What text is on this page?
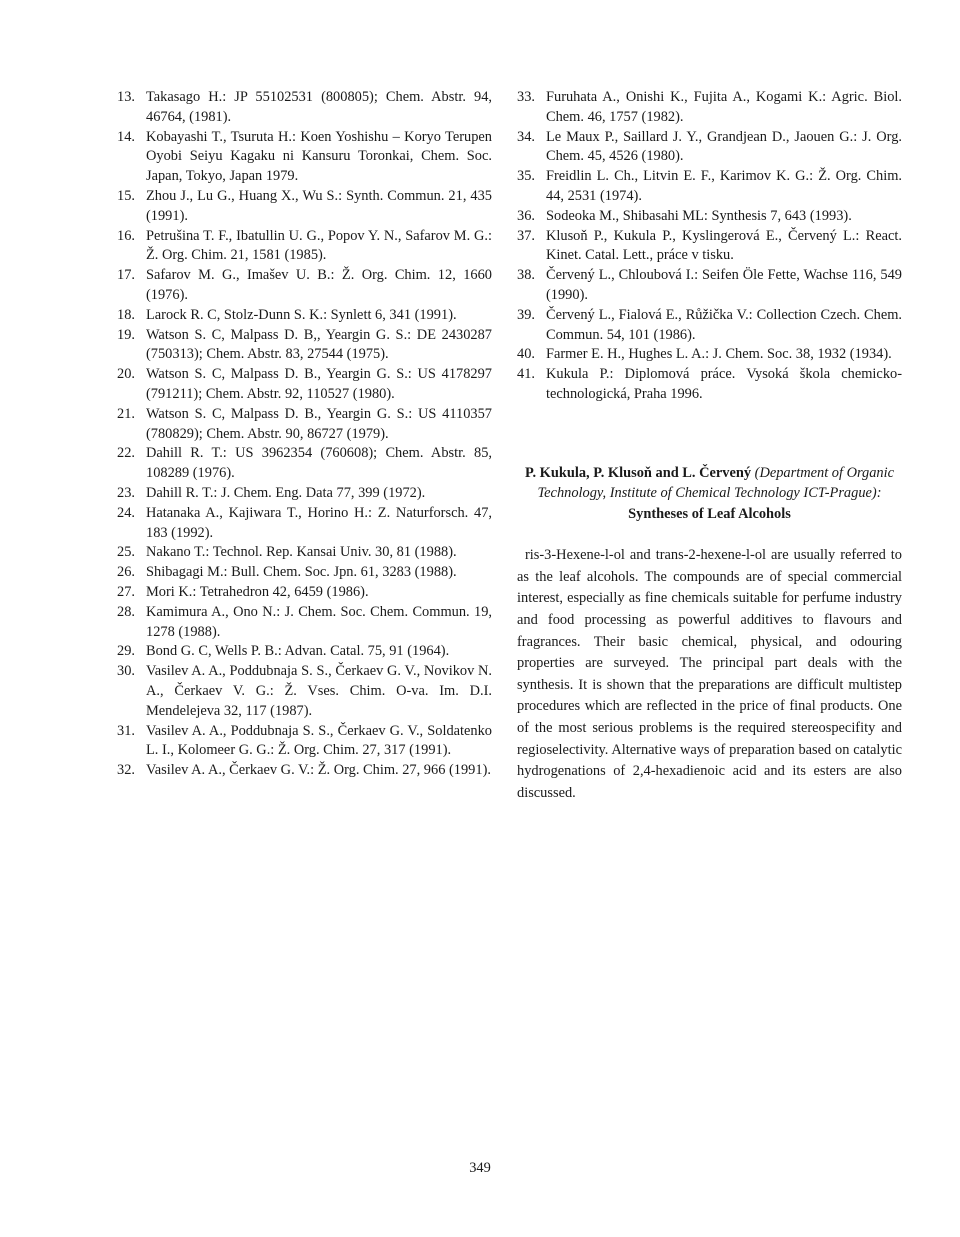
13. Takasago H.: JP 55102531 (800805); Chem. Abstr. 94, 46764, (1981).
14. Kobayashi T., Tsuruta H.: Koen Yoshishu – Koryo Terupen Oyobi Seiyu Kagaku ni Kansuru Toronkai, Chem. Soc. Japan, Tokyo, Japan 1979.
15. Zhou J., Lu G., Huang X., Wu S.: Synth. Commun. 21, 435 (1991).
16. Petrušina T. F., Ibatullin U. G., Popov Y. N., Safarov M. G.: Ž. Org. Chim. 21, 1581 (1985).
17. Safarov M. G., Imašev U. B.: Ž. Org. Chim. 12, 1660 (1976).
18. Larock R. C, Stolz-Dunn S. K.: Synlett 6, 341 (1991).
19. Watson S. C, Malpass D. B,, Yeargin G. S.: DE 2430287 (750313); Chem. Abstr. 83, 27544 (1975).
20. Watson S. C, Malpass D. B., Yeargin G. S.: US 4178297 (791211); Chem. Abstr. 92, 110527 (1980).
21. Watson S. C, Malpass D. B., Yeargin G. S.: US 4110357 (780829); Chem. Abstr. 90, 86727 (1979).
22. Dahill R. T.: US 3962354 (760608); Chem. Abstr. 85, 108289 (1976).
23. Dahill R. T.: J. Chem. Eng. Data 77, 399 (1972).
24. Hatanaka A., Kajiwara T., Horino H.: Z. Naturforsch. 47, 183 (1992).
25. Nakano T.: Technol. Rep. Kansai Univ. 30, 81 (1988).
26. Shibagagi M.: Bull. Chem. Soc. Jpn. 61, 3283 (1988).
27. Mori K.: Tetrahedron 42, 6459 (1986).
28. Kamimura A., Ono N.: J. Chem. Soc. Chem. Commun. 19, 1278 (1988).
29. Bond G. C, Wells P. B.: Advan. Catal. 75, 91 (1964).
30. Vasilev A. A., Poddubnaja S. S., Čerkaev G. V., Novikov N. A., Čerkaev V. G.: Ž. Vses. Chim. O-va. Im. D.I. Mendelejeva 32, 117 (1987).
31. Vasilev A. A., Poddubnaja S. S., Čerkaev G. V., Soldatenko L. I., Kolomeer G. G.: Ž. Org. Chim. 27, 317 (1991).
32. Vasilev A. A., Čerkaev G. V.: Ž. Org. Chim. 27, 966 (1991).
33. Furuhata A., Onishi K., Fujita A., Kogami K.: Agric. Biol. Chem. 46, 1757 (1982).
34. Le Maux P., Saillard J. Y., Grandjean D., Jaouen G.: J. Org. Chem. 45, 4526 (1980).
35. Freidlin L. Ch., Litvin E. F., Karimov K. G.: Ž. Org. Chim. 44, 2531 (1974).
36. Sodeoka M., Shibasahi ML: Synthesis 7, 643 (1993).
37. Klusoň P., Kukula P., Kyslingerová E., Červený L.: React. Kinet. Catal. Lett., práce v tisku.
38. Červený L., Chloubová I.: Seifen Öle Fette, Wachse 116, 549 (1990).
39. Červený L., Fialová E., Růžička V.: Collection Czech. Chem. Commun. 54, 101 (1986).
40. Farmer E. H., Hughes L. A.: J. Chem. Soc. 38, 1932 (1934).
41. Kukula P.: Diplomová práce. Vysoká škola chemicko-technologická, Praha 1996.
P. Kukula, P. Klusoň and L. Červený (Department of Organic Technology, Institute of Chemical Technology ICT-Prague): Syntheses of Leaf Alcohols

ris-3-Hexene-l-ol and trans-2-hexene-l-ol are usually referred to as the leaf alcohols. The compounds are of special commercial interest, especially as fine chemicals suitable for perfume industry and food processing as powerful additives to flavours and fragrances. Their basic chemical, physical, and odouring properties are surveyed. The principal part deals with the synthesis. It is shown that the preparations are difficult multistep procedures which are reflected in the price of final products. One of the most serious problems is the required stereospecifity and regioselectivity. Alternative ways of preparation based on catalytic hydrogenations of 2,4-hexadienoic acid and its esters are also discussed.

349
